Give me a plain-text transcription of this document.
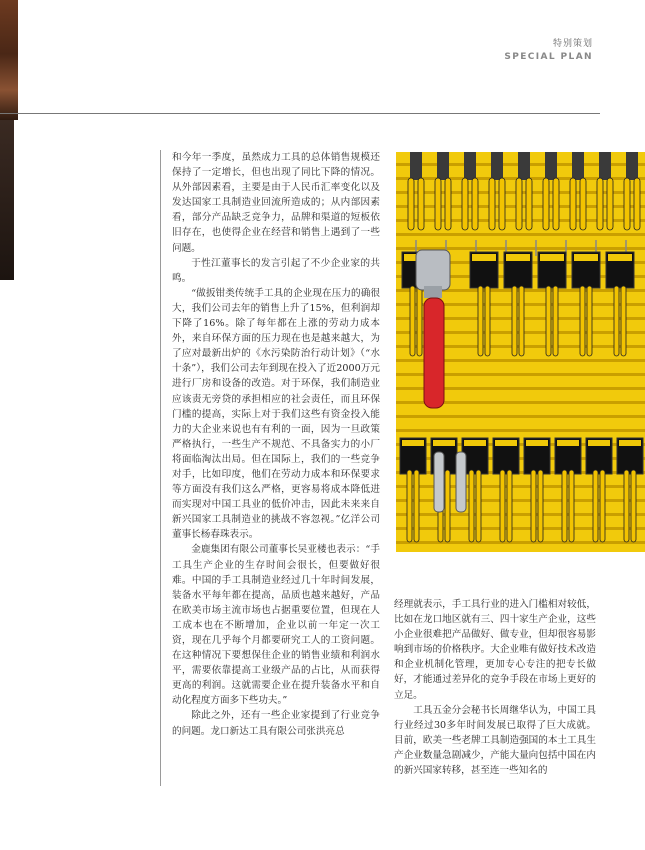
特别策划
SPECIAL PLAN

和今年一季度，虽然成力工具的总体销售规模还保持了一定增长，但也出现了同比下降的情况。从外部因素看，主要是由于人民币汇率变化以及发达国家工具制造业回流所造成的；从内部因素看，部分产品缺乏竞争力，品牌和渠道的短板依旧存在，也使得企业在经营和销售上遇到了一些问题。

于性江董事长的发言引起了不少企业家的共鸣。

“做扳钳类传统手工具的企业现在压力的确很大，我们公司去年的销售上升了15%，但利润却下降了16%。除了每年都在上涨的劳动力成本外，来自环保方面的压力现在也是越来越大，为了应对最新出炉的《水污染防治行动计划》（“水十条”），我们公司去年到现在投入了近2000万元进行厂房和设备的改造。对于环保，我们制造业应该责无旁贷的承担相应的社会责任，而且环保门槛的提高，实际上对于我们这些有资金投入能力的大企业来说也有有利的一面，因为一旦政策严格执行，一些生产不规范、不具备实力的小厂将面临淘汰出局。但在国际上，我们的一些竞争对手，比如印度，他们在劳动力成本和环保要求等方面没有我们这么严格，更容易将成本降低进而实现对中国工具业的低价冲击，因此未来来自新兴国家工具制造业的挑战不容忽视。”亿洋公司董事长杨春珠表示。

金鹿集团有限公司董事长吴亚楼也表示：“手工具生产企业的生存时间会很长，但要做好很难。中国的手工具制造业经过几十年时间发展，装备水平每年都在提高，品质也越来越好，产品在欧美市场主流市场也占据重要位置，但现在人工成本也在不断增加，企业以前一年定一次工资，现在几乎每个月都要研究工人的工资问题。在这种情况下要想保住企业的销售业绩和利润水平，需要依靠提高工业级产品的占比，从而获得更高的利润。这就需要企业在提升装备水平和自动化程度方面多下些功夫。”

除此之外，还有一些企业家提到了行业竞争的问题。龙口新达工具有限公司张洪亮总

经理就表示，手工具行业的进入门槛相对较低，比如在龙口地区就有三、四十家生产企业，这些小企业很难把产品做好、做专业，但却很容易影响到市场的价格秩序。大企业唯有做好技术改造和企业机制化管理，更加专心专注的把专长做好，才能通过差异化的竞争手段在市场上更好的立足。

工具五金分会秘书长周继华认为，中国工具行业经过30多年时间发展已取得了巨大成就。目前，欧美一些老牌工具制造强国的本土工具生产企业数量急剧减少，产能大量向包括中国在内的新兴国家转移，甚至连一些知名的
